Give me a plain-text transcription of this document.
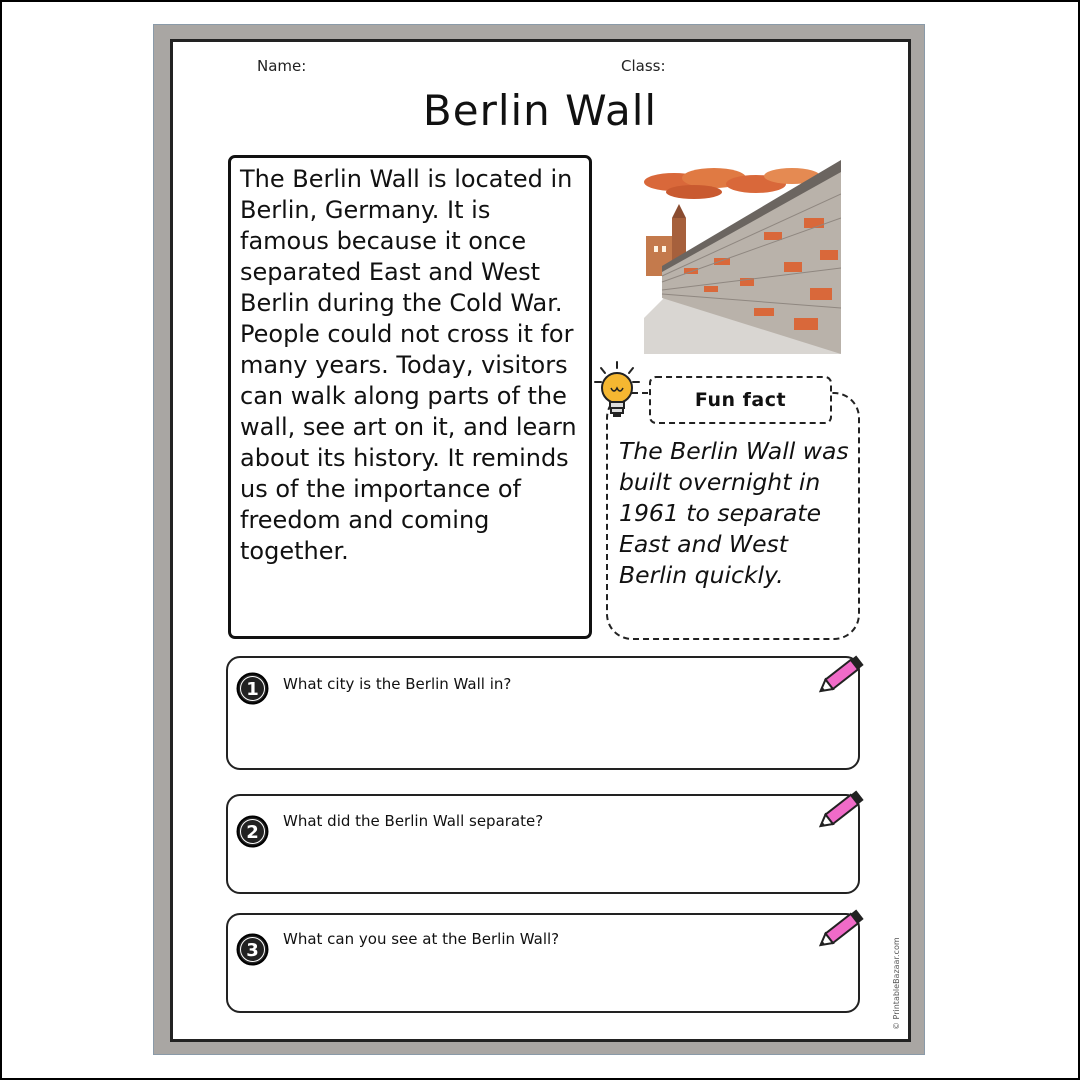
Name:	Class:
Berlin Wall

The Berlin Wall is located in Berlin, Germany. It is famous because it once separated East and West Berlin during the Cold War. People could not cross it for many years. Today, visitors can walk along parts of the wall, see art on it, and learn about its history. It reminds us of the importance of freedom and coming together.

Fun fact

The Berlin Wall was built overnight in 1961 to separate East and West Berlin quickly.

1 What city is the Berlin Wall in?
2
What did the Berlin Wall separate?
3
What can you see at the Berlin Wall?	© PrintableBazaar.com
